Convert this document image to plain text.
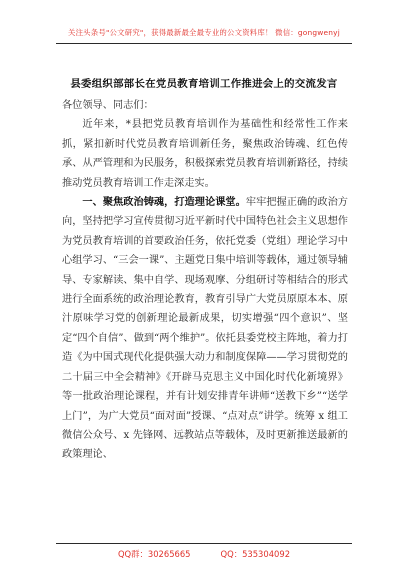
关注头条号"公文研究"，获得最新最全最专业的公文资料库！ 微信：gongwenyj
县委组织部部长在党员教育培训工作推进会上的交流发言

各位领导、同志们：

近年来，*县把党员教育培训作为基础性和经常性工作来抓，紧扣新时代党员教育培训新任务，聚焦政治铸魂、红色传承、从严管理和为民服务，积极探索党员教育培训新路径，持续推动党员教育培训工作走深走实。

一、聚焦政治铸魂，打造理论课堂。牢牢把握正确的政治方向，坚持把学习宣传贯彻习近平新时代中国特色社会主义思想作为党员教育培训的首要政治任务，依托党委（党组）理论学习中心组学习、“三会一课”、主题党日集中培训等载体，通过领导辅导、专家解读、集中自学、现场观摩、分组研讨等相结合的形式进行全面系统的政治理论教育，教育引导广大党员原原本本、原汁原味学习党的创新理论最新成果，切实增强“四个意识”、坚定“四个自信”、做到“两个维护”。依托县委党校主阵地，着力打造《为中国式现代化提供强大动力和制度保障——学习贯彻党的二十届三中全会精神》《开辟马克思主义中国化时代化新境界》等一批政治理论课程，并有计划安排青年讲师“送教下乡”“送学上门”，为广大党员“面对面”授课、“点对点”讲学。统筹 x 组工微信公众号、x 先锋网、远教站点等载体，及时更新推送最新的政策理论、

QQ群：30265665	QQ：535304092
